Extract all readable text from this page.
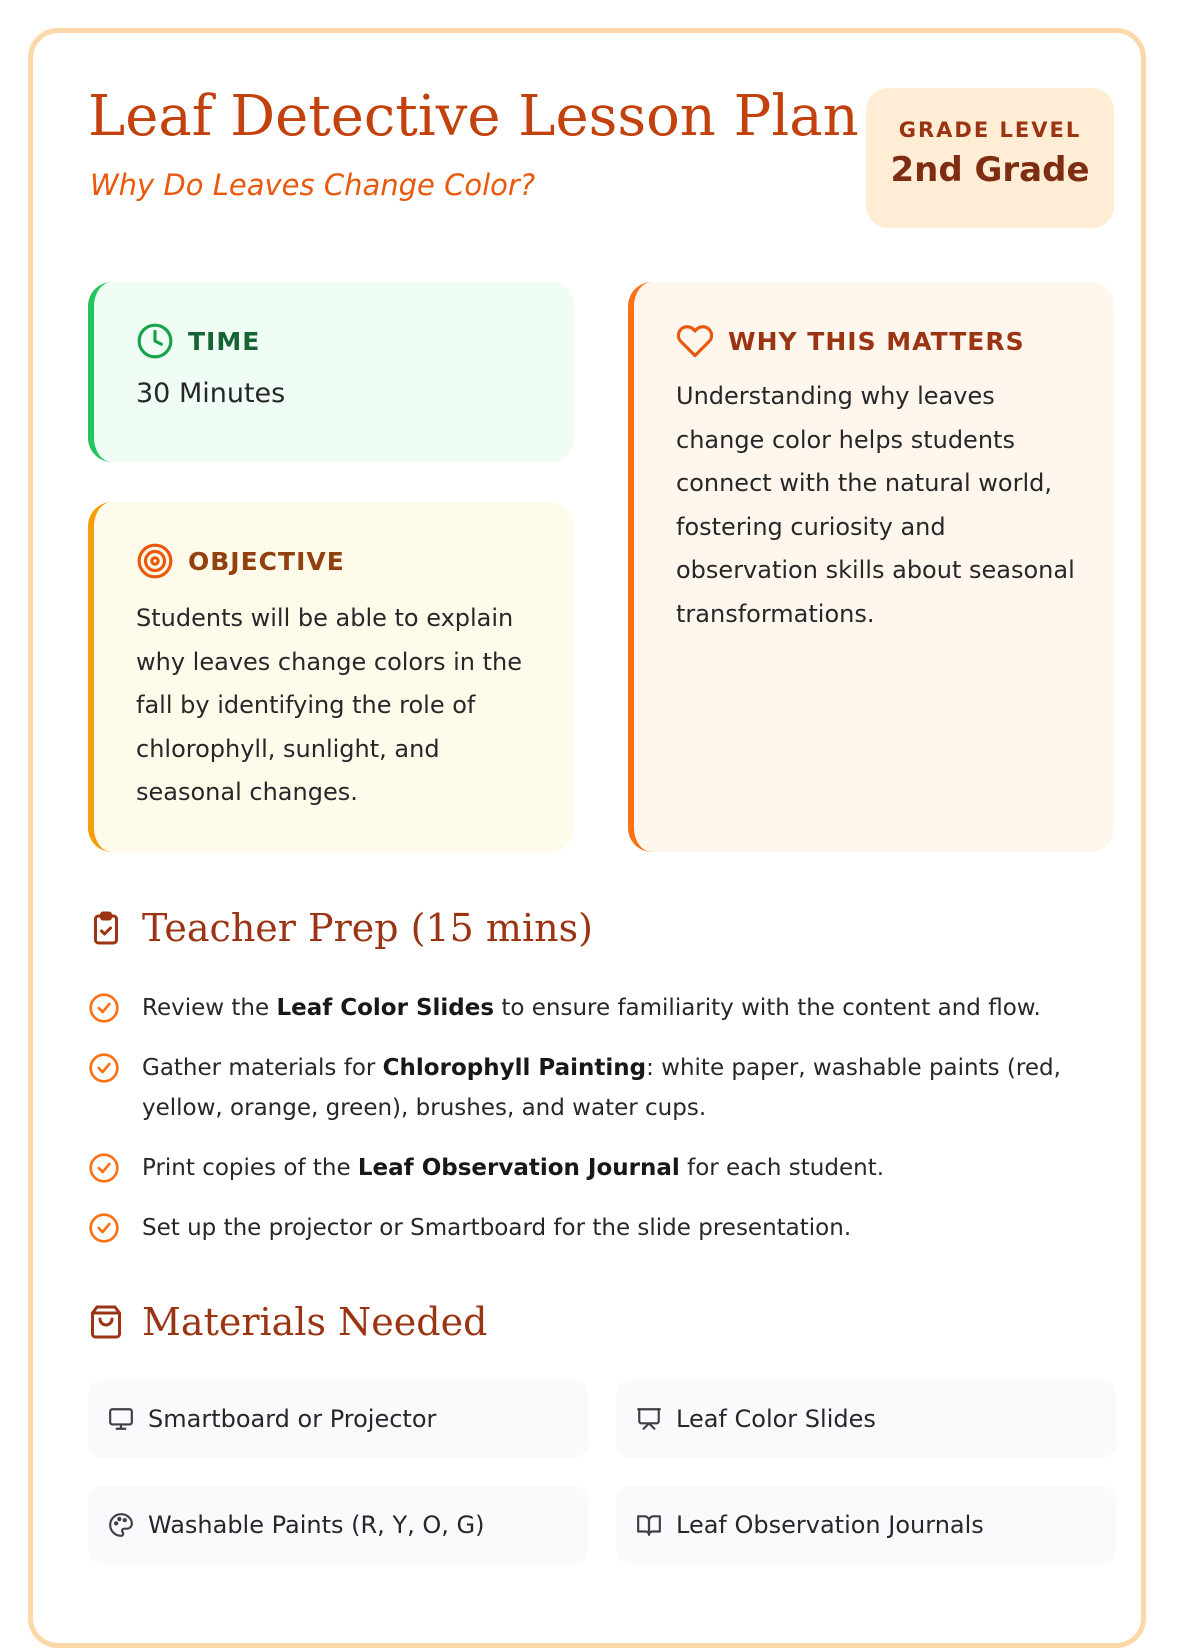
Leaf Detective Lesson Plan

Why Do Leaves Change Color?

GRADE LEVEL
2nd Grade
TIME
30 Minutes
OBJECTIVE
Students will be able to explain why leaves change colors in the fall by identifying the role of chlorophyll, sunlight, and seasonal changes.
WHY THIS MATTERS
Understanding why leaves change color helps students connect with the natural world, fostering curiosity and observation skills about seasonal transformations.
Teacher Prep (15 mins)
Review the Leaf Color Slides to ensure familiarity with the content and flow.
Gather materials for Chlorophyll Painting: white paper, washable paints (red, yellow, orange, green), brushes, and water cups.
Print copies of the Leaf Observation Journal for each student.
Set up the projector or Smartboard for the slide presentation.
Materials Needed
Smartboard or Projector	Leaf Color Slides
Washable Paints (R, Y, O, G)	Leaf Observation Journals
